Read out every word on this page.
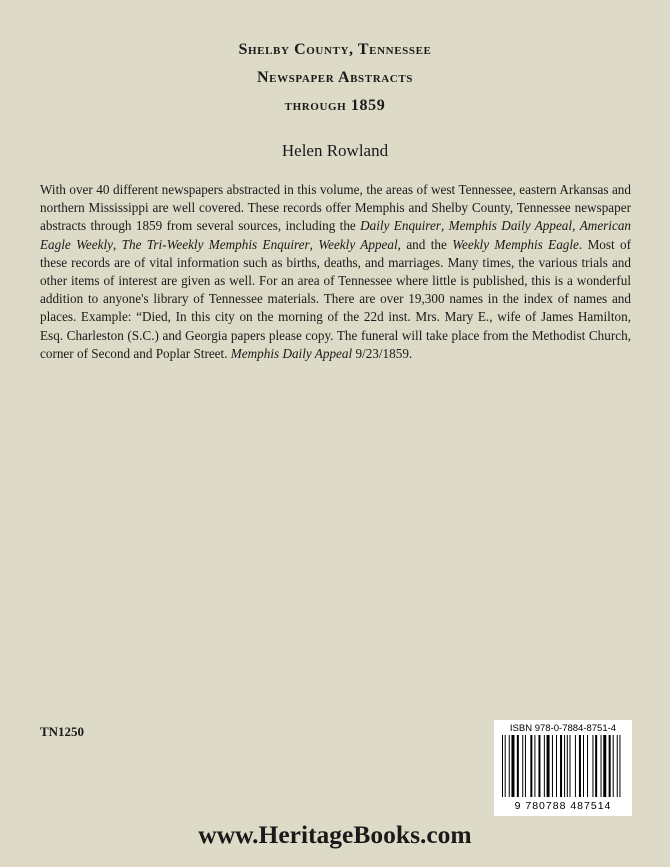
Shelby County, Tennessee
Newspaper Abstracts
through 1859
Helen Rowland
With over 40 different newspapers abstracted in this volume, the areas of west Tennessee, eastern Arkansas and northern Mississippi are well covered. These records offer Memphis and Shelby County, Tennessee newspaper abstracts through 1859 from several sources, including the Daily Enquirer, Memphis Daily Appeal, American Eagle Weekly, The Tri-Weekly Memphis Enquirer, Weekly Appeal, and the Weekly Memphis Eagle. Most of these records are of vital information such as births, deaths, and marriages. Many times, the various trials and other items of interest are given as well. For an area of Tennessee where little is published, this is a wonderful addition to anyone's library of Tennessee materials. There are over 19,300 names in the index of names and places. Example: “Died, In this city on the morning of the 22d inst. Mrs. Mary E., wife of James Hamilton, Esq. Charleston (S.C.) and Georgia papers please copy. The funeral will take place from the Methodist Church, corner of Second and Poplar Street. Memphis Daily Appeal 9/23/1859.
TN1250	ISBN 978-0-7884-8751-4
9 780788 487514
www.HeritageBooks.com
